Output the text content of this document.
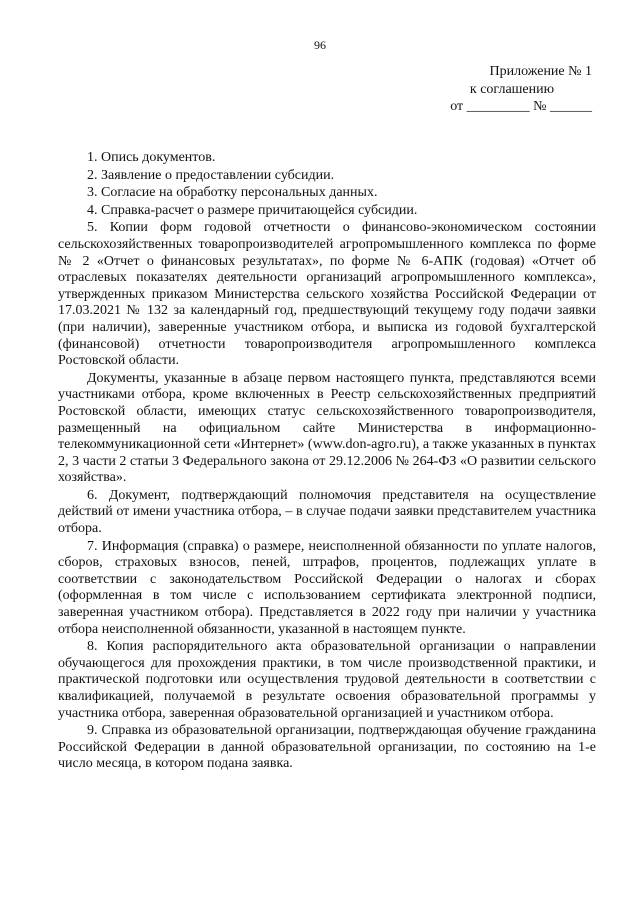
96
Приложение № 1
к соглашению
от _________ № ______

1. Опись документов.

2. Заявление о предоставлении субсидии.

3. Согласие на обработку персональных данных.

4. Справка-расчет о размере причитающейся субсидии.

5. Копии форм годовой отчетности о финансово-экономическом состоянии сельскохозяйственных товаропроизводителей агропромышленного комплекса по форме № 2 «Отчет о финансовых результатах», по форме № 6-АПК (годовая) «Отчет об отраслевых показателях деятельности организаций агропромышленного комплекса», утвержденных приказом Министерства сельского хозяйства Российской Федерации от 17.03.2021 № 132 за календарный год, предшествующий текущему году подачи заявки (при наличии), заверенные участником отбора, и выписка из годовой бухгалтерской (финансовой) отчетности товаропроизводителя агропромышленного комплекса Ростовской области.

Документы, указанные в абзаце первом настоящего пункта, представляются всеми участниками отбора, кроме включенных в Реестр сельскохозяйственных предприятий Ростовской области, имеющих статус сельскохозяйственного товаропроизводителя, размещенный на официальном сайте Министерства в информационно-телекоммуникационной сети «Интернет» (www.don-agro.ru), а также указанных в пунктах 2, 3 части 2 статьи 3 Федерального закона от 29.12.2006 № 264-ФЗ «О развитии сельского хозяйства».

6. Документ, подтверждающий полномочия представителя на осуществление действий от имени участника отбора, – в случае подачи заявки представителем участника отбора.

7. Информация (справка) о размере, неисполненной обязанности по уплате налогов, сборов, страховых взносов, пеней, штрафов, процентов, подлежащих уплате в соответствии с законодательством Российской Федерации о налогах и сборах (оформленная в том числе с использованием сертификата электронной подписи, заверенная участником отбора). Представляется в 2022 году при наличии у участника отбора неисполненной обязанности, указанной в настоящем пункте.

8. Копия распорядительного акта образовательной организации о направлении обучающегося для прохождения практики, в том числе производственной практики, и практической подготовки или осуществления трудовой деятельности в соответствии с квалификацией, получаемой в результате освоения образовательной программы у участника отбора, заверенная образовательной организацией и участником отбора.

9. Справка из образовательной организации, подтверждающая обучение гражданина Российской Федерации в данной образовательной организации, по состоянию на 1-е число месяца, в котором подана заявка.
